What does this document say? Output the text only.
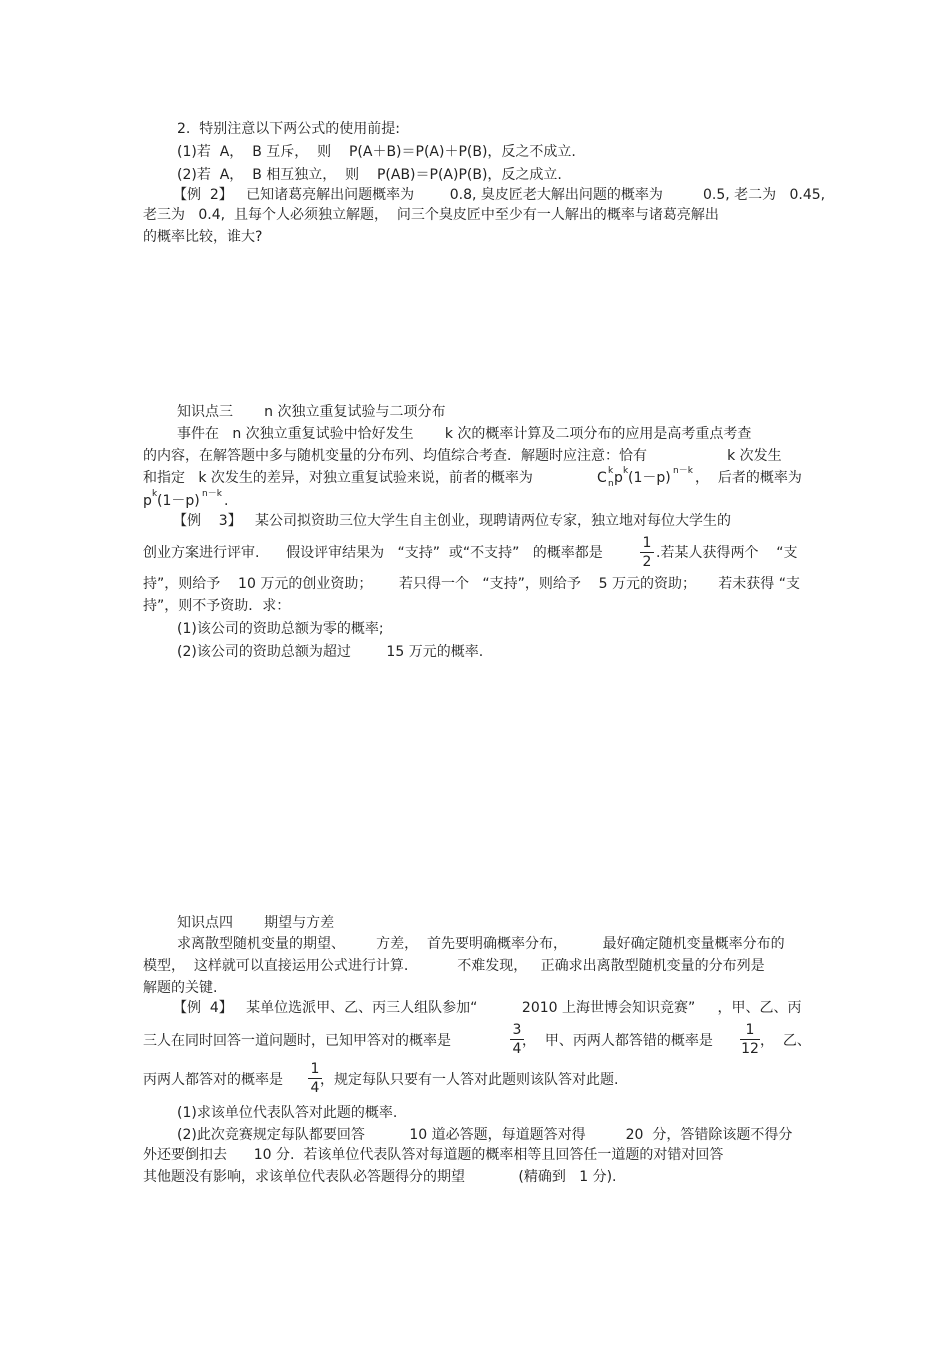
2.  特别注意以下两公式的使用前提:
(1)若  A，  B 互斥，  则    P(A＋B)＝P(A)＋P(B)，反之不成立.
(2)若  A，  B 相互独立，  则    P(AB)＝P(A)P(B)，反之成立.
【例  2】   已知诸葛亮解出问题概率为        0.8, 臭皮匠老大解出问题的概率为         0.5, 老二为   0.45,
老三为   0.4,  且每个人必须独立解题，  问三个臭皮匠中至少有一人解出的概率与诸葛亮解出
的概率比较，谁大?
知识点三       n 次独立重复试验与二项分布
事件在   n 次独立重复试验中恰好发生       k 次的概率计算及二项分布的应用是高考重点考查
的内容，在解答题中多与随机变量的分布列、均值综合考查．解题时应注意：恰有                  k 次发生
和指定   k 次发生的差异，对独立重复试验来说，前者的概率为	C k
n p k (1－p) n－k ，  后者的概率为
p k (1－p) n－k .
【例    3】   某公司拟资助三位大学生自主创业，现聘请两位专家，独立地对每位大学生的
创业方案进行评审.      假设评审结果为   “支持”  或“不支持”   的概率都是
1
2
.若某人获得两个    “支
持”，则给予    10 万元的创业资助；      若只得一个   “支持”，则给予    5 万元的资助；     若未获得 “支
持”，则不予资助．求：
(1)该公司的资助总额为零的概率;
(2)该公司的资助总额为超过        15 万元的概率.
知识点四       期望与方差
求离散型随机变量的期望、       方差，  首先要明确概率分布，        最好确定随机变量概率分布的
模型，  这样就可以直接运用公式进行计算.           不难发现，   正确求出离散型随机变量的分布列是
解题的关键.
【例  4】   某单位选派甲、乙、丙三人组队参加“          2010 上海世博会知识竞赛”     ，甲、乙、丙
三人在同时回答一道问题时，已知甲答对的概率是
3
4 ，  甲、丙两人都答错的概率是
1
12 ，  乙、
丙两人都答对的概率是
1
4 ，规定每队只要有一人答对此题则该队答对此题.
(1)求该单位代表队答对此题的概率.
(2)此次竞赛规定每队都要回答          10 道必答题，每道题答对得         20  分，答错除该题不得分
外还要倒扣去      10 分.  若该单位代表队答对每道题的概率相等且回答任一道题的对错对回答
其他题没有影响，求该单位代表队必答题得分的期望            (精确到   1 分).
